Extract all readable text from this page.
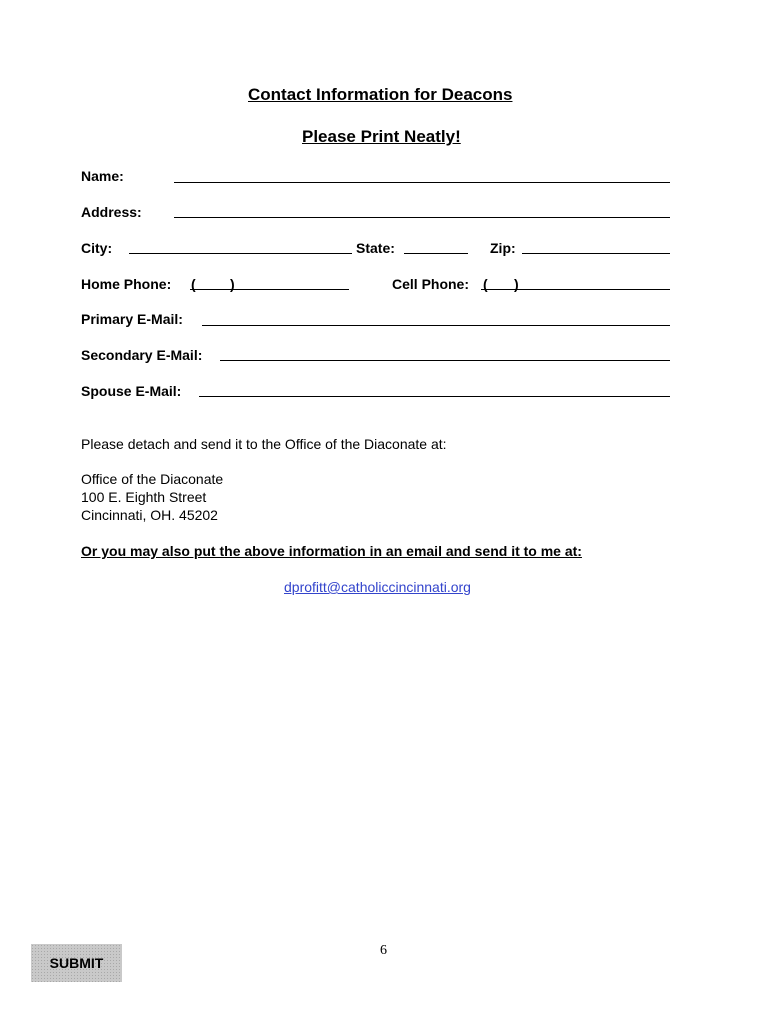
Contact Information for Deacons
Please Print Neatly!
Name:
Address:
City:	State:	Zip:
Home Phone: ( )	Cell Phone: ( )
Primary E-Mail:
Secondary E-Mail:
Spouse E-Mail:
Please detach and send it to the Office of the Diaconate at:
Office of the Diaconate
100 E. Eighth Street
Cincinnati, OH. 45202
Or you may also put the above information in an email and send it to me at:
dprofitt@catholiccincinnati.org
6
SUBMIT
